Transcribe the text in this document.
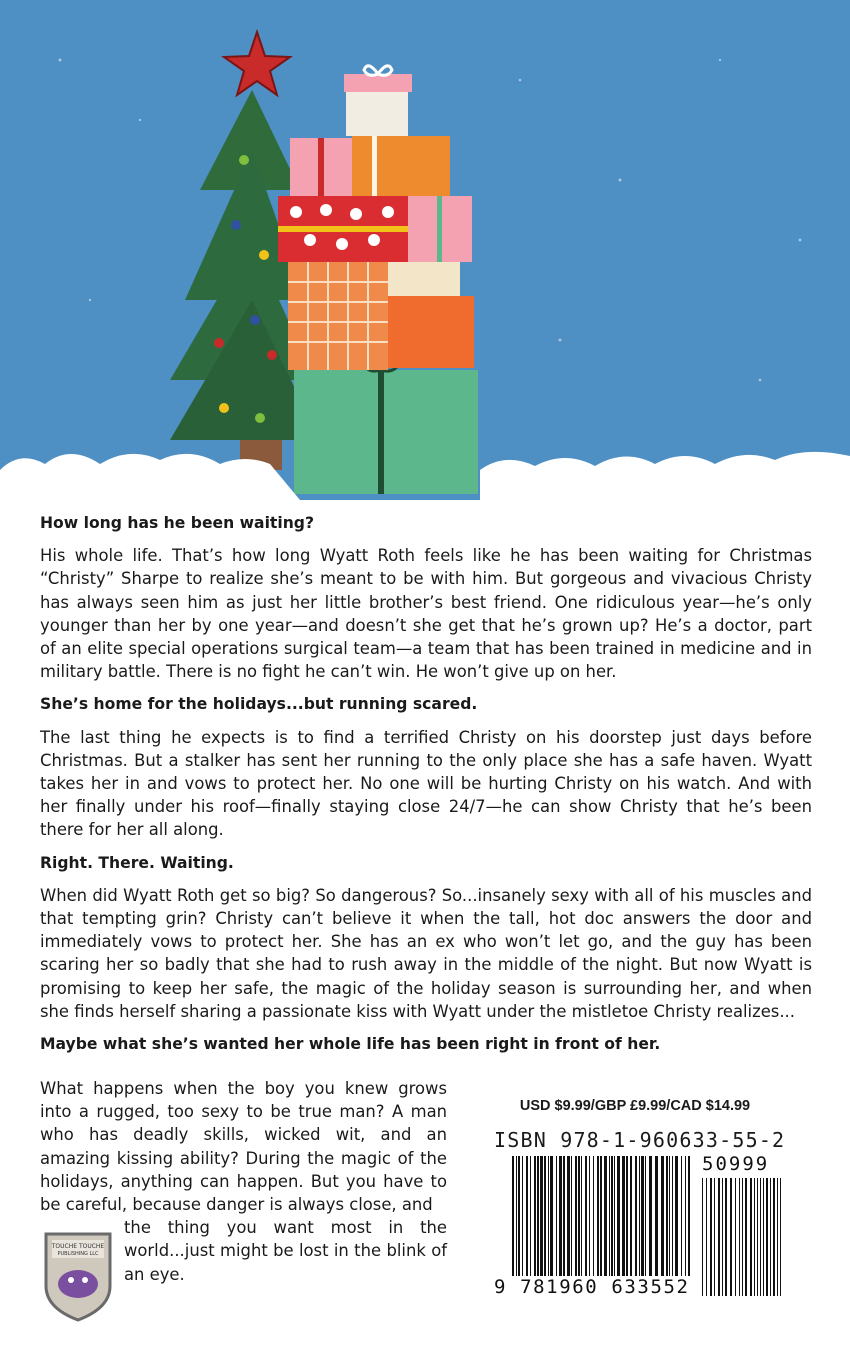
How long has he been waiting?

His whole life. That’s how long Wyatt Roth feels like he has been waiting for Christmas “Christy” Sharpe to realize she’s meant to be with him. But gorgeous and vivacious Christy has always seen him as just her little brother’s best friend. One ridiculous year—he’s only younger than her by one year—and doesn’t she get that he’s grown up? He’s a doctor, part of an elite special operations surgical team—a team that has been trained in medicine and in military battle. There is no fight he can’t win. He won’t give up on her.

She’s home for the holidays...but running scared.

The last thing he expects is to find a terrified Christy on his doorstep just days before Christmas. But a stalker has sent her running to the only place she has a safe haven. Wyatt takes her in and vows to protect her. No one will be hurting Christy on his watch. And with her finally under his roof—finally staying close 24/7—he can show Christy that he’s been there for her all along.

Right. There. Waiting.

When did Wyatt Roth get so big? So dangerous? So...insanely sexy with all of his muscles and that tempting grin? Christy can’t believe it when the tall, hot doc answers the door and immediately vows to protect her. She has an ex who won’t let go, and the guy has been scaring her so badly that she had to rush away in the middle of the night. But now Wyatt is promising to keep her safe, the magic of the holiday season is surrounding her, and when she finds herself sharing a passionate kiss with Wyatt under the mistletoe Christy realizes...

Maybe what she’s wanted her whole life has been right in front of her.

What happens when the boy you knew grows into a rugged, too sexy to be true man? A man who has deadly skills, wicked wit, and an amazing kissing ability? During the magic of the holidays, anything can happen. But you have to be careful, because danger is always close, and

the thing you want most in the world...just might be lost in the blink of an eye.

TOUCHE TOUCHE
PUBLISHING LLC
USD $9.99/GBP £9.99/CAD $14.99
ISBN 978-1-960633-55-2
9 781960 633552
50999
